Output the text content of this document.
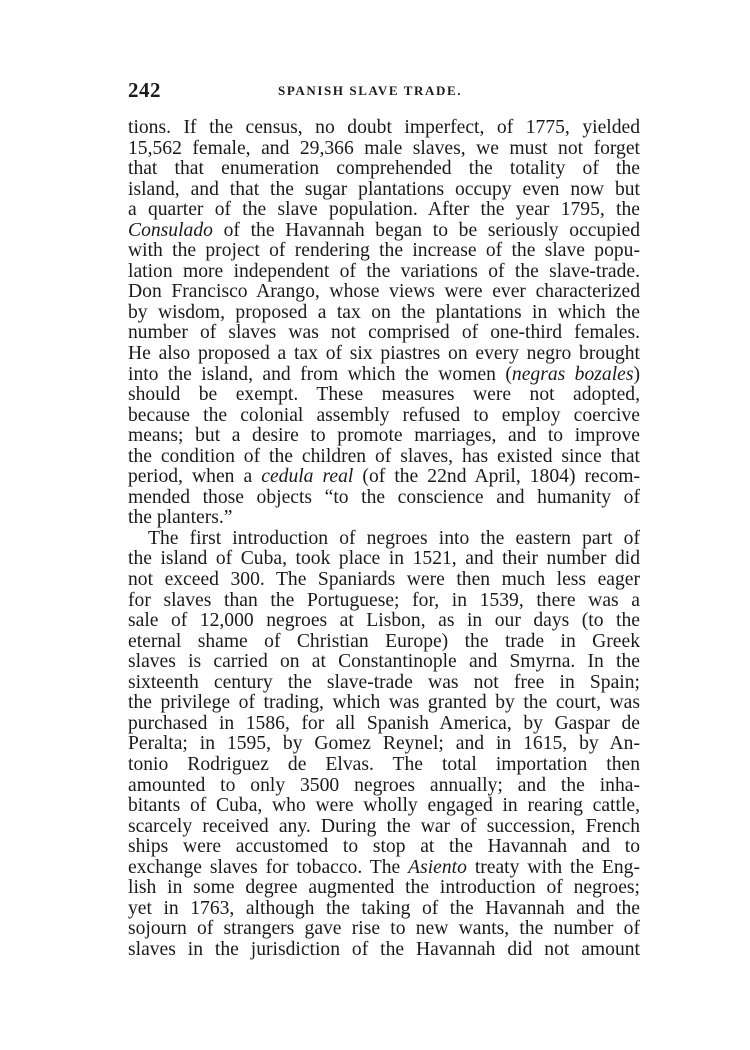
242	SPANISH SLAVE TRADE.
tions. If the census, no doubt imperfect, of 1775, yielded
15,562 female, and 29,366 male slaves, we must not forget
that that enumeration comprehended the totality of the
island, and that the sugar plantations occupy even now but
a quarter of the slave population. After the year 1795, the
Consulado of the Havannah began to be seriously occupied
with the project of rendering the increase of the slave popu-
lation more independent of the variations of the slave-trade.
Don Francisco Arango, whose views were ever characterized
by wisdom, proposed a tax on the plantations in which the
number of slaves was not comprised of one-third females.
He also proposed a tax of six piastres on every negro brought
into the island, and from which the women (negras bozales)
should be exempt. These measures were not adopted,
because the colonial assembly refused to employ coercive
means; but a desire to promote marriages, and to improve
the condition of the children of slaves, has existed since that
period, when a cedula real (of the 22nd April, 1804) recom-
mended those objects “to the conscience and humanity of
the planters.”
The first introduction of negroes into the eastern part of
the island of Cuba, took place in 1521, and their number did
not exceed 300. The Spaniards were then much less eager
for slaves than the Portuguese; for, in 1539, there was a
sale of 12,000 negroes at Lisbon, as in our days (to the
eternal shame of Christian Europe) the trade in Greek
slaves is carried on at Constantinople and Smyrna. In the
sixteenth century the slave-trade was not free in Spain;
the privilege of trading, which was granted by the court, was
purchased in 1586, for all Spanish America, by Gaspar de
Peralta; in 1595, by Gomez Reynel; and in 1615, by An-
tonio Rodriguez de Elvas. The total importation then
amounted to only 3500 negroes annually; and the inha-
bitants of Cuba, who were wholly engaged in rearing cattle,
scarcely received any. During the war of succession, French
ships were accustomed to stop at the Havannah and to
exchange slaves for tobacco. The Asiento treaty with the Eng-
lish in some degree augmented the introduction of negroes;
yet in 1763, although the taking of the Havannah and the
sojourn of strangers gave rise to new wants, the number of
slaves in the jurisdiction of the Havannah did not amount
